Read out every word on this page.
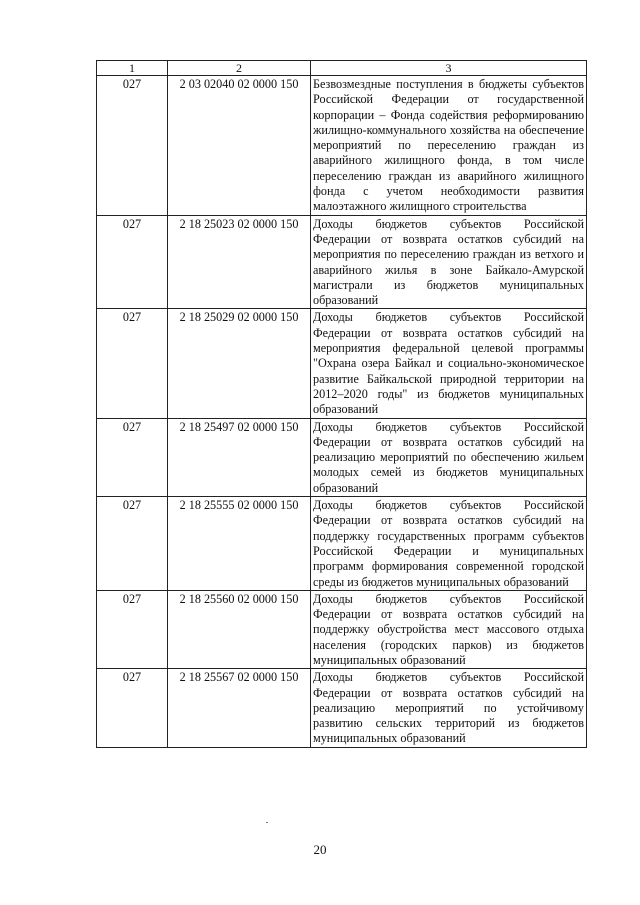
1	2	3
027	2 03 02040 02 0000 150	Безвозмездные поступления в бюджеты субъектов Российской Федерации от государственной корпорации – Фонда содействия реформированию жилищно-коммунального хозяйства на обеспечение мероприятий по переселению граждан из аварийного жилищного фонда, в том числе переселению граждан из аварийного жилищного фонда с учетом необходимости развития малоэтажного жилищного строительства
027	2 18 25023 02 0000 150	Доходы бюджетов субъектов Российской Федерации от возврата остатков субсидий на мероприятия по переселению граждан из ветхого и аварийного жилья в зоне Байкало-Амурской магистрали из бюджетов муниципальных образований
027	2 18 25029 02 0000 150	Доходы бюджетов субъектов Российской Федерации от возврата остатков субсидий на мероприятия федеральной целевой программы "Охрана озера Байкал и социально-экономическое развитие Байкальской природной территории на 2012–2020 годы" из бюджетов муниципальных образований
027	2 18 25497 02 0000 150	Доходы бюджетов субъектов Российской Федерации от возврата остатков субсидий на реализацию мероприятий по обеспечению жильем молодых семей из бюджетов муниципальных образований
027	2 18 25555 02 0000 150	Доходы бюджетов субъектов Российской Федерации от возврата остатков субсидий на поддержку государственных программ субъектов Российской Федерации и муниципальных программ формирования современной городской среды из бюджетов муниципальных образований
027	2 18 25560 02 0000 150	Доходы бюджетов субъектов Российской Федерации от возврата остатков субсидий на поддержку обустройства мест массового отдыха населения (городских парков) из бюджетов муниципальных образований
027	2 18 25567 02 0000 150	Доходы бюджетов субъектов Российской Федерации от возврата остатков субсидий на реализацию мероприятий по устойчивому развитию сельских территорий из бюджетов муниципальных образований
20
